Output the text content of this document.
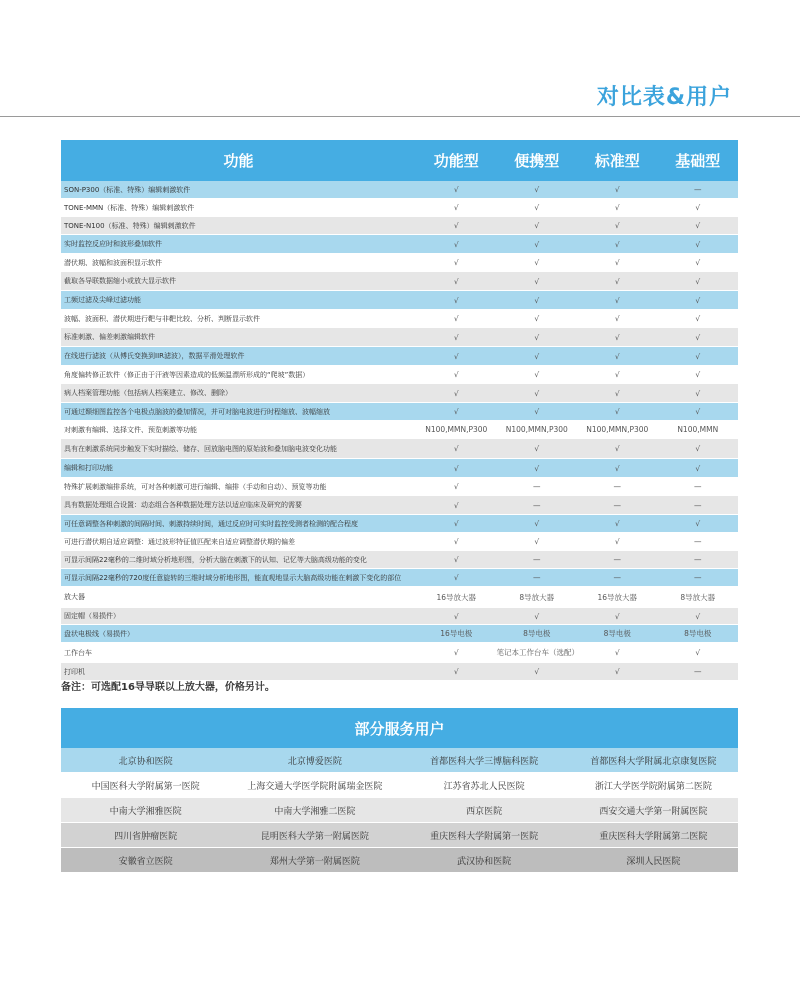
对比表&用户
功能	功能型	便携型	标准型	基础型
SON-P300（标准、特殊）编辑刺激软件	√	√	√	—
TONE-MMN（标准、特殊）编辑刺激软件	√	√	√	√
TONE-N100（标准、特殊）编辑刺激软件	√	√	√	√
实时监控反应时和波形叠加软件	√	√	√	√
潜伏期、波幅和波面积显示软件	√	√	√	√
截取各导联数据缩小或放大显示软件	√	√	√	√
工频过滤及尖峰过滤功能	√	√	√	√
波幅、波面积、潜伏期进行靶与非靶比较、分析、判断显示软件	√	√	√	√
标准刺激、偏差刺激编辑软件	√	√	√	√
在线进行滤波（从傅氏变换到IIR滤波），数据平滑处理软件	√	√	√	√
角度偏转修正软件（修正由于汗液等因素造成的低频温漂所形成的“爬坡”数据）	√	√	√	√
病人档案管理功能（包括病人档案建立、修改、删除）	√	√	√	√
可通过颞细图监控各个电极点脑波的叠加情况，并可对脑电波进行时程缩放、波幅缩放	√	√	√	√
对刺激有编辑、选择文件、预览刺激等功能	N100,MMN,P300	N100,MMN,P300	N100,MMN,P300	N100,MMN
具有在刺激系统同步触发下实时描绘、储存、回放脑电图的原始波和叠加脑电波变化功能	√	√	√	√
编辑和打印功能	√	√	√	√
特殊扩展刺激编排系统，可对各种刺激可进行编辑、编排（手动和自动）、预览等功能	√	—	—	—
具有数据处理组合设置：动态组合各种数据处理方法以适应临床及研究的需要	√	—	—	—
可任意调整各种刺激的间隔时间、刺激持续时间，通过反应时可实时监控受测者检测的配合程度	√	√	√	√
可进行潜伏期自适应调整：通过波形特征值匹配来自适应调整潜伏期的偏差	√	√	√	—
可显示间隔22毫秒的二维时域分析地形图，分析大脑在刺激下的认知、记忆等大脑高级功能的变化	√	—	—	—
可显示间隔22毫秒的720度任意旋转的三维时域分析地形图，能直观地显示大脑高级功能在刺激下变化的部位	√	—	—	—
放大器	16导放大器	8导放大器	16导放大器	8导放大器
固定帽（易损件）	√	√	√	√
盘状电极线（易损件）	16导电极	8导电极	8导电极	8导电极
工作台车	√	笔记本工作台车（选配）	√	√
打印机	√	√	√	—
备注：可选配16导导联以上放大器，价格另计。
部分服务用户
北京协和医院	北京博爱医院	首都医科大学三博脑科医院	首都医科大学附属北京康复医院
中国医科大学附属第一医院	上海交通大学医学院附属瑞金医院	江苏省苏北人民医院	浙江大学医学院附属第二医院
中南大学湘雅医院	中南大学湘雅二医院	西京医院	西安交通大学第一附属医院
四川省肿瘤医院	昆明医科大学第一附属医院	重庆医科大学附属第一医院	重庆医科大学附属第二医院
安徽省立医院	郑州大学第一附属医院	武汉协和医院	深圳人民医院
